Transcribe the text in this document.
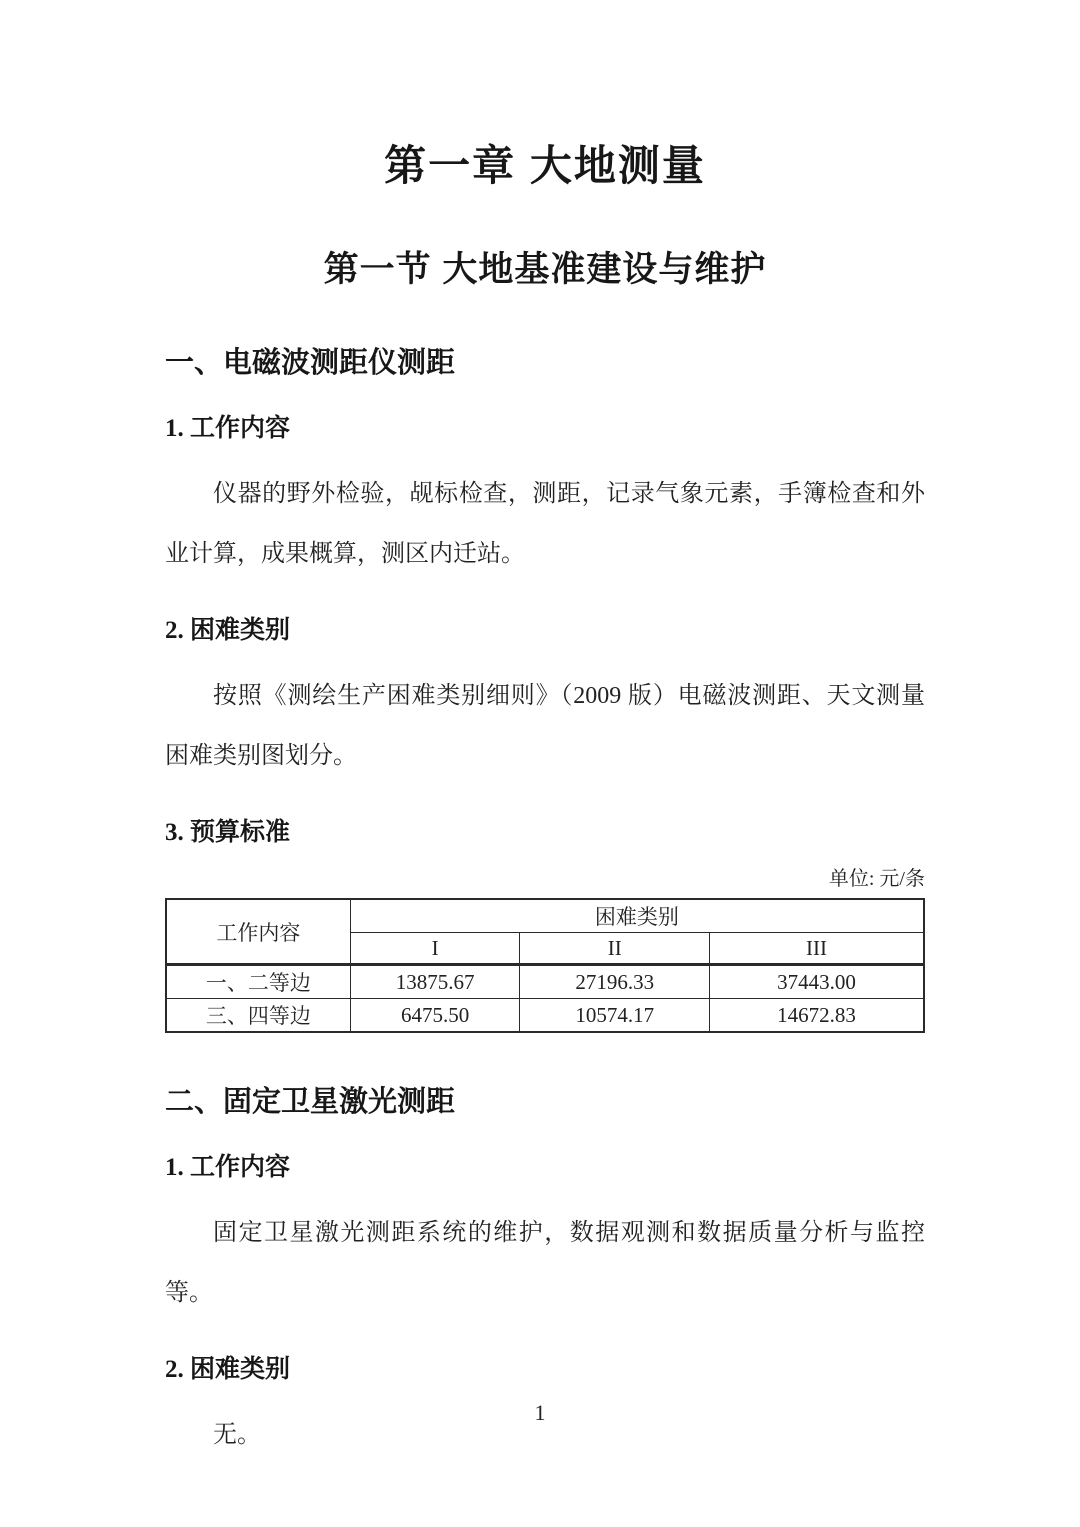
第一章 大地测量
第一节 大地基准建设与维护
一、电磁波测距仪测距
1. 工作内容

仪器的野外检验，觇标检查，测距，记录气象元素，手簿检查和外业计算，成果概算，测区内迁站。

2. 困难类别

按照《测绘生产困难类别细则》（2009 版）电磁波测距、天文测量困难类别图划分。

3. 预算标准
单位: 元/条
工作内容	困难类别		
	I	II	III
一、二等边	13875.67	27196.33	37443.00
三、四等边	6475.50	10574.17	14672.83
二、固定卫星激光测距
1. 工作内容

固定卫星激光测距系统的维护，数据观测和数据质量分析与监控等。

2. 困难类别

无。

1
